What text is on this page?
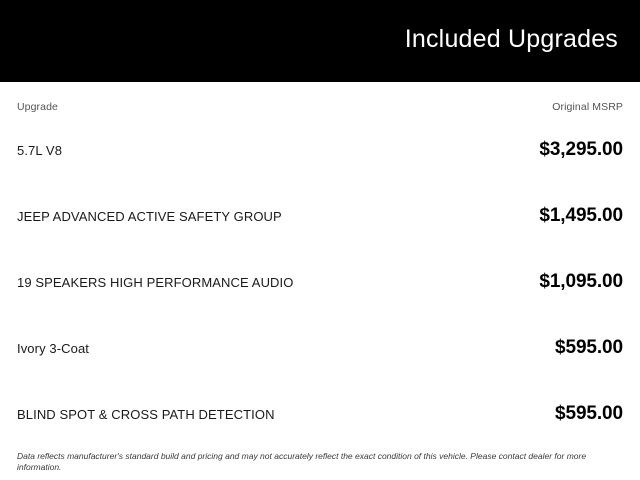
Included Upgrades
Upgrade	Original MSRP
5.7L V8	$3,295.00
JEEP ADVANCED ACTIVE SAFETY GROUP	$1,495.00
19 SPEAKERS HIGH PERFORMANCE AUDIO	$1,095.00
Ivory 3-Coat	$595.00
BLIND SPOT & CROSS PATH DETECTION	$595.00
Data reflects manufacturer's standard build and pricing and may not accurately reflect the exact condition of this vehicle. Please contact dealer for more information.
